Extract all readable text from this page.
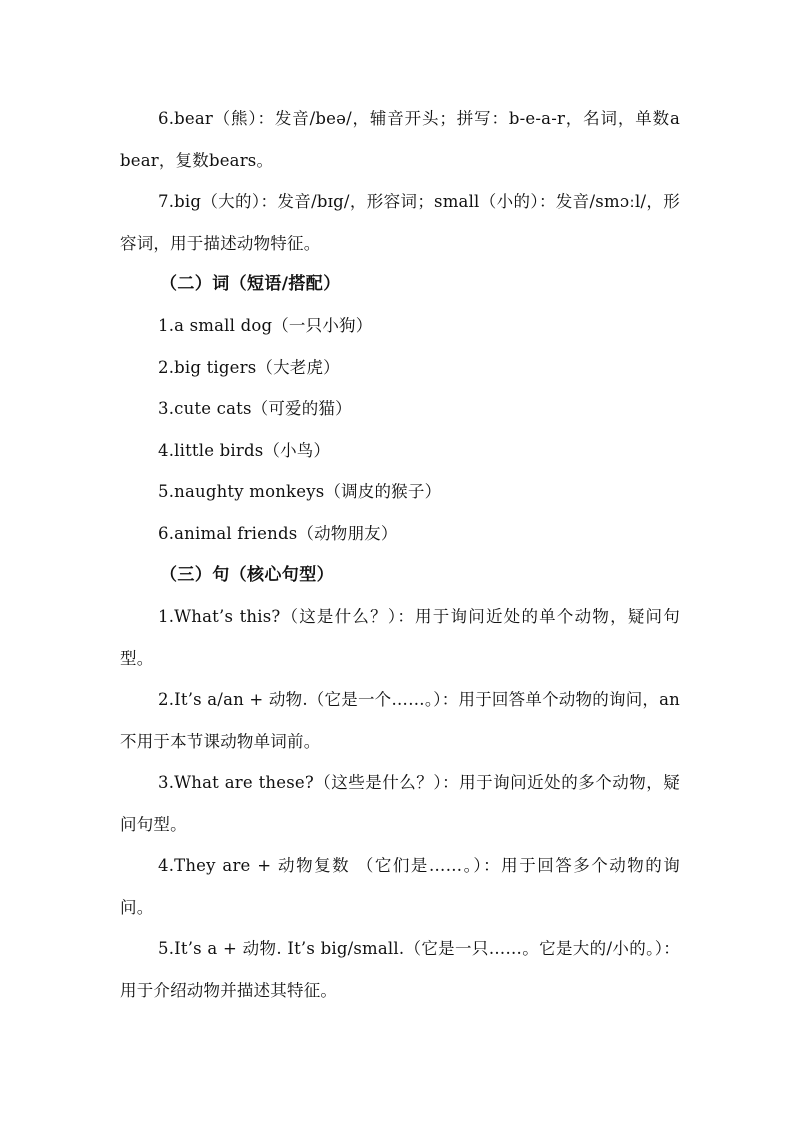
6.bear（熊）：发音/beə/，辅音开头；拼写：b-e-a-r，名词，单数a bear，复数bears。

7.big（大的）：发音/bɪg/，形容词；small（小的）：发音/smɔːl/，形容词，用于描述动物特征。

（二）词（短语/搭配）

1.a small dog（一只小狗）

2.big tigers（大老虎）

3.cute cats（可爱的猫）

4.little birds（小鸟）

5.naughty monkeys（调皮的猴子）

6.animal friends（动物朋友）

（三）句（核心句型）

1.What’s this?（这是什么？）：用于询问近处的单个动物，疑问句型。

2.It’s a/an + 动物.（它是一个……。）：用于回答单个动物的询问，an不用于本节课动物单词前。

3.What are these?（这些是什么？）：用于询问近处的多个动物，疑问句型。

4.They are + 动物复数 （它们是……。）：用于回答多个动物的询问。

5.It’s a + 动物. It’s big/small.（它是一只……。它是大的/小的。）：用于介绍动物并描述其特征。
